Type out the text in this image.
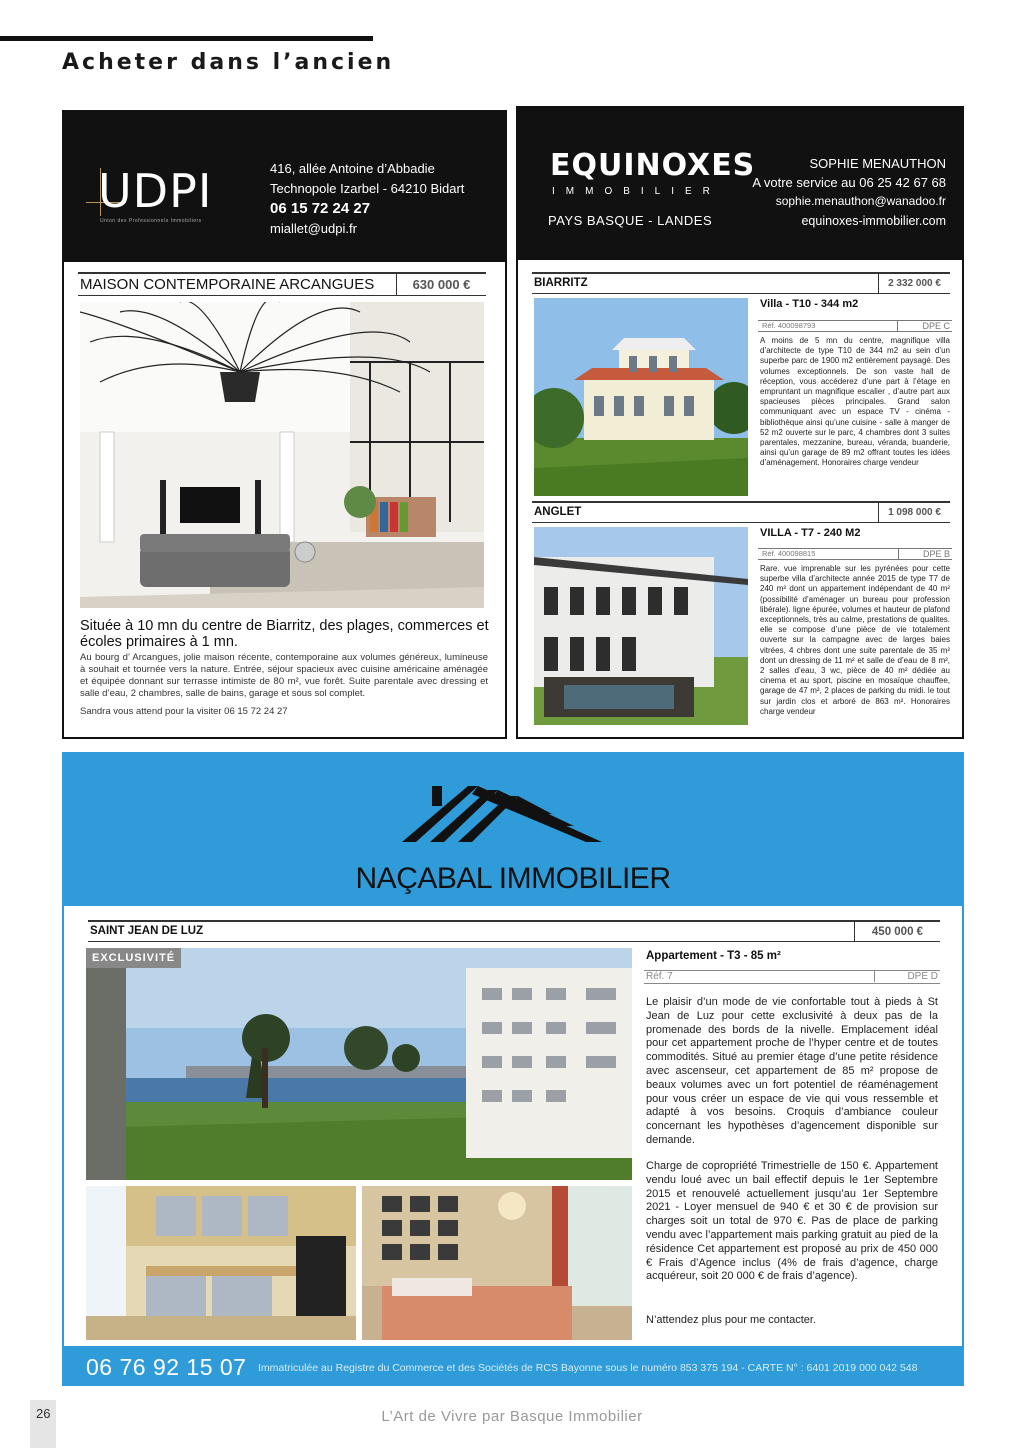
Acheter dans l’ancien
UDPI
Union des Professionnels Immobiliers
416, allée Antoine d’Abbadie
Technopole Izarbel - 64210 Bidart
06 15 72 24 27
miallet@udpi.fr
MAISON CONTEMPORAINE ARCANGUES	630 000 €
Située à 10 mn du centre de Biarritz, des plages, commerces et écoles primaires à 1 mn.
Au bourg d’ Arcangues, jolie maison récente, contemporaine aux volumes généreux, lumineuse à souhait et tournée vers la nature. Entrée, séjour spacieux avec cuisine américaine aménagée et équipée donnant sur terrasse intimiste de 80 m², vue forêt. Suite parentale avec dressing et salle d’eau, 2 chambres, salle de bains, garage et sous sol complet.
Sandra vous attend pour la visiter 06 15 72 24 27
EQUINOXES
IMMOBILIER
PAYS BASQUE - LANDES
SOPHIE MENAUTHON
A votre service au 06 25 42 67 68
sophie.menauthon@wanadoo.fr
equinoxes-immobilier.com
BIARRITZ	2 332 000 €
Villa - T10 - 344 m2
Réf. 400098793	DPE C
A moins de 5 mn du centre, magnifique villa d’architecte de type T10 de 344 m2 au sein d’un superbe parc de 1900 m2 entièrement paysagé. Des volumes exceptionnels. De son vaste hall de réception, vous accéderez d’une part à l’étage en empruntant un magnifique escalier , d’autre part aux spacieuses pièces principales. Grand salon communiquant avec un espace TV - cinéma - bibliothèque ainsi qu’une cuisine - salle à manger de 52 m2 ouverte sur le parc, 4 chambres dont 3 suites parentales, mezzanine, bureau, véranda, buanderie, ainsi qu’un garage de 89 m2 offrant toutes les idées d’aménagement. Honoraires charge vendeur
ANGLET	1 098 000 €
VILLA - T7 - 240 M2
Réf. 400098815	DPE B
Rare. vue imprenable sur les pyrénées pour cette superbe villa d’architecte année 2015 de type T7 de 240 m² dont un appartement indépendant de 40 m² (possibilité d’aménager un bureau pour profession libérale). ligne épurée, volumes et hauteur de plafond exceptionnels, très au calme, prestations de qualites. elle se compose d’une pièce de vie totalement ouverte sur la campagne avec de larges baies vitrées, 4 chbres dont une suite parentale de 35 m² dont un dressing de 11 m² et salle de d’eau de 8 m², 2 salles d’eau, 3 wc, pièce de 40 m² dédiée au cinema et au sport, piscine en mosaïque chauffee, garage de 47 m², 2 places de parking du midi. le tout sur jardin clos et arboré de 863 m². Honoraires charge vendeur
NAÇABAL IMMOBILIER
SAINT JEAN DE LUZ	450 000 €
EXCLUSIVITÉ	Appartement - T3 - 85 m²
Réf. 7	DPE D
Le plaisir d’un mode de vie confortable tout à pieds à St Jean de Luz pour cette exclusivité à deux pas de la promenade des bords de la nivelle. Emplacement idéal pour cet appartement proche de l’hyper centre et de toutes commodités. Situé au premier étage d’une petite résidence avec ascenseur, cet appartement de 85 m² propose de beaux volumes avec un fort potentiel de réaménagement pour vous créer un espace de vie qui vous ressemble et adapté à vos besoins. Croquis d’ambiance couleur concernant les hypothèses d’agencement disponible sur demande.
Charge de copropriété Trimestrielle de 150 €. Appartement vendu loué avec un bail effectif depuis le 1er Septembre 2015 et renouvelé actuellement jusqu’au 1er Septembre 2021 - Loyer mensuel de 940 € et 30 € de provision sur charges soit un total de 970 €. Pas de place de parking vendu avec l’appartement mais parking gratuit au pied de la résidence Cet appartement est proposé au prix de 450 000 € Frais d’Agence inclus (4% de frais d’agence, charge acquéreur, soit 20 000 € de frais d’agence).
N’attendez plus pour me contacter.
06 76 92 15 07 Immatriculée au Registre du Commerce et des Sociétés de RCS Bayonne sous le numéro 853 375 194 - CARTE N° : 6401 2019 000 042 548
26	L’Art de Vivre par Basque Immobilier
